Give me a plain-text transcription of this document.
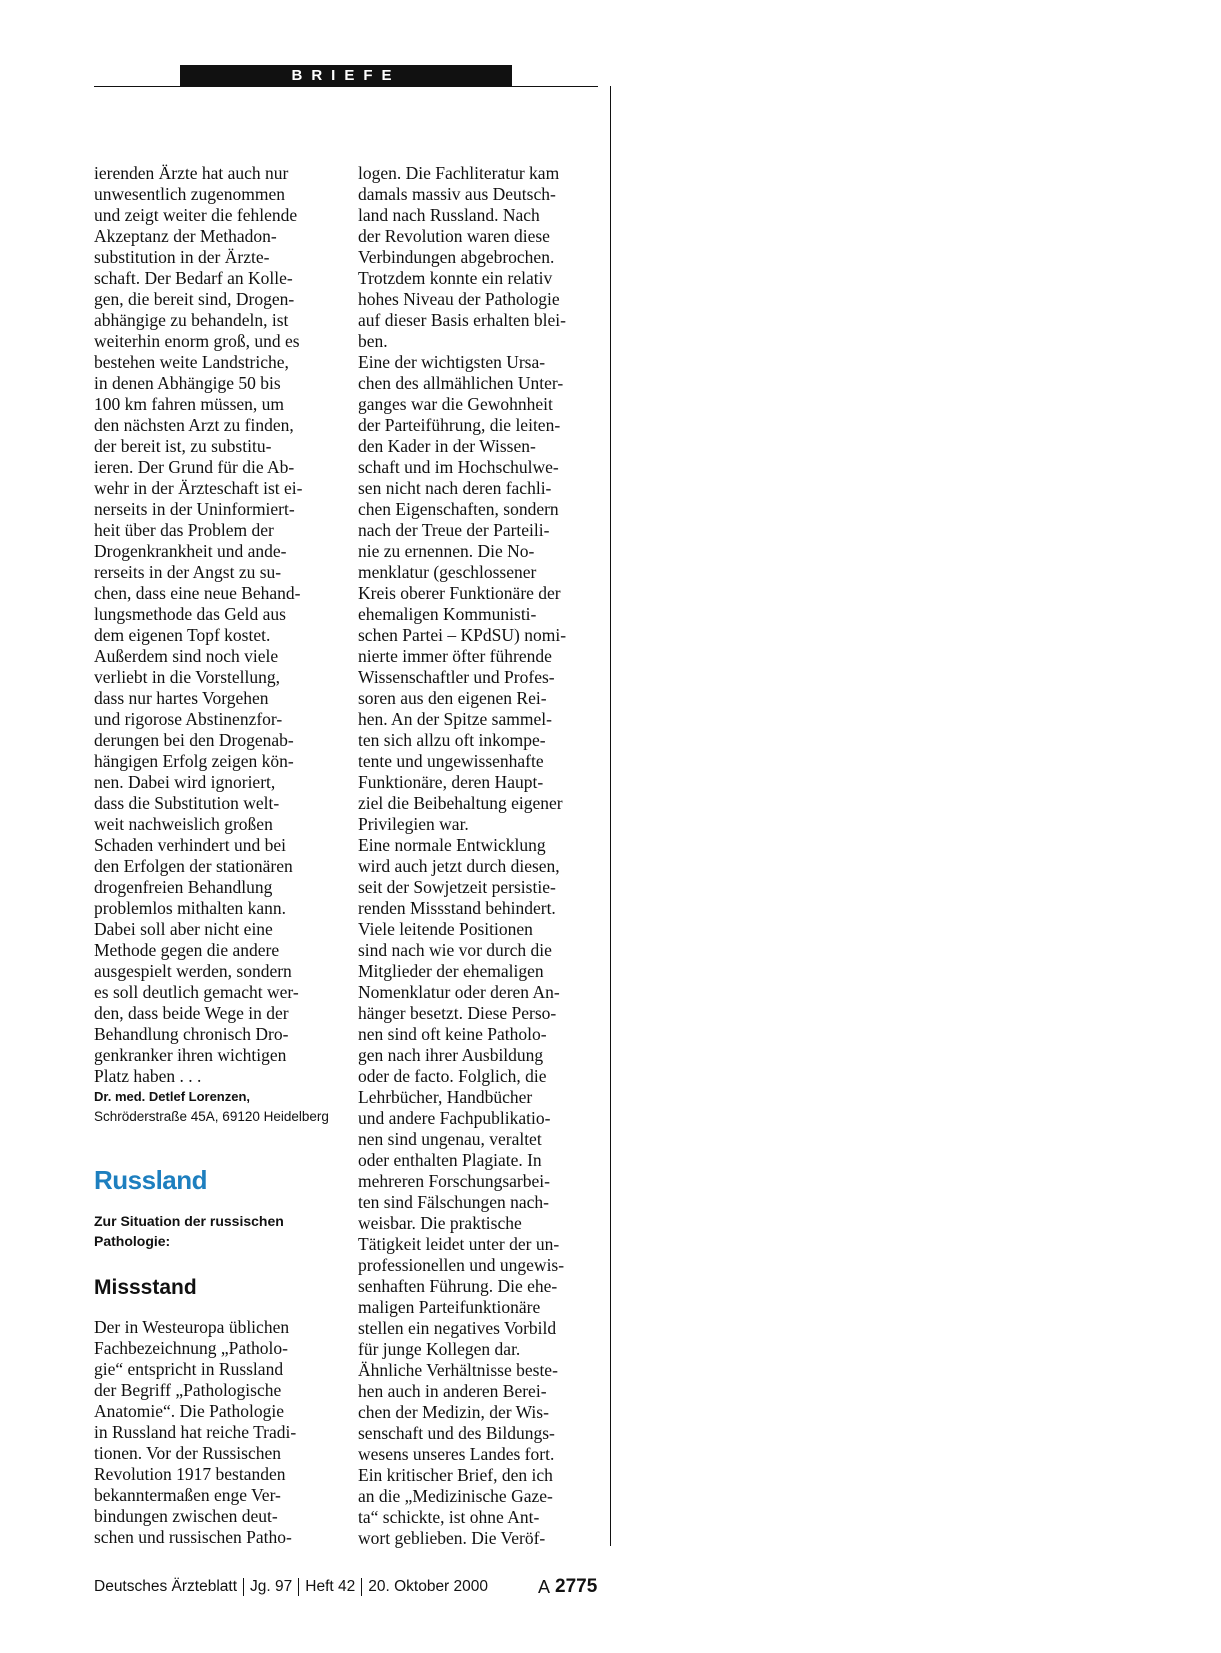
BRIEFE
ierenden Ärzte hat auch nur
unwesentlich zugenommen
und zeigt weiter die fehlende
Akzeptanz der Methadon-
substitution in der Ärzte-
schaft. Der Bedarf an Kolle-
gen, die bereit sind, Drogen-
abhängige zu behandeln, ist
weiterhin enorm groß, und es
bestehen weite Landstriche,
in denen Abhängige 50 bis
100 km fahren müssen, um
den nächsten Arzt zu finden,
der bereit ist, zu substitu-
ieren. Der Grund für die Ab-
wehr in der Ärzteschaft ist ei-
nerseits in der Uninformiert-
heit über das Problem der
Drogenkrankheit und ande-
rerseits in der Angst zu su-
chen, dass eine neue Behand-
lungsmethode das Geld aus
dem eigenen Topf kostet.
Außerdem sind noch viele
verliebt in die Vorstellung,
dass nur hartes Vorgehen
und rigorose Abstinenzfor-
derungen bei den Drogenab-
hängigen Erfolg zeigen kön-
nen. Dabei wird ignoriert,
dass die Substitution welt-
weit nachweislich großen
Schaden verhindert und bei
den Erfolgen der stationären
drogenfreien Behandlung
problemlos mithalten kann.
Dabei soll aber nicht eine
Methode gegen die andere
ausgespielt werden, sondern
es soll deutlich gemacht wer-
den, dass beide Wege in der
Behandlung chronisch Dro-
genkranker ihren wichtigen
Platz haben . . .
Dr. med. Detlef Lorenzen,
Schröderstraße 45A, 69120 Heidelberg
Russland
Zur Situation der russischen
Pathologie:
Missstand
Der in Westeuropa üblichen
Fachbezeichnung „Patholo-
gie“ entspricht in Russland
der Begriff „Pathologische
Anatomie“. Die Pathologie
in Russland hat reiche Tradi-
tionen. Vor der Russischen
Revolution 1917 bestanden
bekanntermaßen enge Ver-
bindungen zwischen deut-
schen und russischen Patho-
logen. Die Fachliteratur kam
damals massiv aus Deutsch-
land nach Russland. Nach
der Revolution waren diese
Verbindungen abgebrochen.
Trotzdem konnte ein relativ
hohes Niveau der Pathologie
auf dieser Basis erhalten blei-
ben.
Eine der wichtigsten Ursa-
chen des allmählichen Unter-
ganges war die Gewohnheit
der Parteiführung, die leiten-
den Kader in der Wissen-
schaft und im Hochschulwe-
sen nicht nach deren fachli-
chen Eigenschaften, sondern
nach der Treue der Parteili-
nie zu ernennen. Die No-
menklatur (geschlossener
Kreis oberer Funktionäre der
ehemaligen Kommunisti-
schen Partei – KPdSU) nomi-
nierte immer öfter führende
Wissenschaftler und Profes-
soren aus den eigenen Rei-
hen. An der Spitze sammel-
ten sich allzu oft inkompe-
tente und ungewissenhafte
Funktionäre, deren Haupt-
ziel die Beibehaltung eigener
Privilegien war.
Eine normale Entwicklung
wird auch jetzt durch diesen,
seit der Sowjetzeit persistie-
renden Missstand behindert.
Viele leitende Positionen
sind nach wie vor durch die
Mitglieder der ehemaligen
Nomenklatur oder deren An-
hänger besetzt. Diese Perso-
nen sind oft keine Patholo-
gen nach ihrer Ausbildung
oder de facto. Folglich, die
Lehrbücher, Handbücher
und andere Fachpublikatio-
nen sind ungenau, veraltet
oder enthalten Plagiate. In
mehreren Forschungsarbei-
ten sind Fälschungen nach-
weisbar. Die praktische
Tätigkeit leidet unter der un-
professionellen und ungewis-
senhaften Führung. Die ehe-
maligen Parteifunktionäre
stellen ein negatives Vorbild
für junge Kollegen dar.
Ähnliche Verhältnisse beste-
hen auch in anderen Berei-
chen der Medizin, der Wis-
senschaft und des Bildungs-
wesens unseres Landes fort.
Ein kritischer Brief, den ich
an die „Medizinische Gaze-
ta“ schickte, ist ohne Ant-
wort geblieben. Die Veröf-
Deutsches Ärzteblatt Jg. 97 Heft 42 20. Oktober 2000	A 2775
